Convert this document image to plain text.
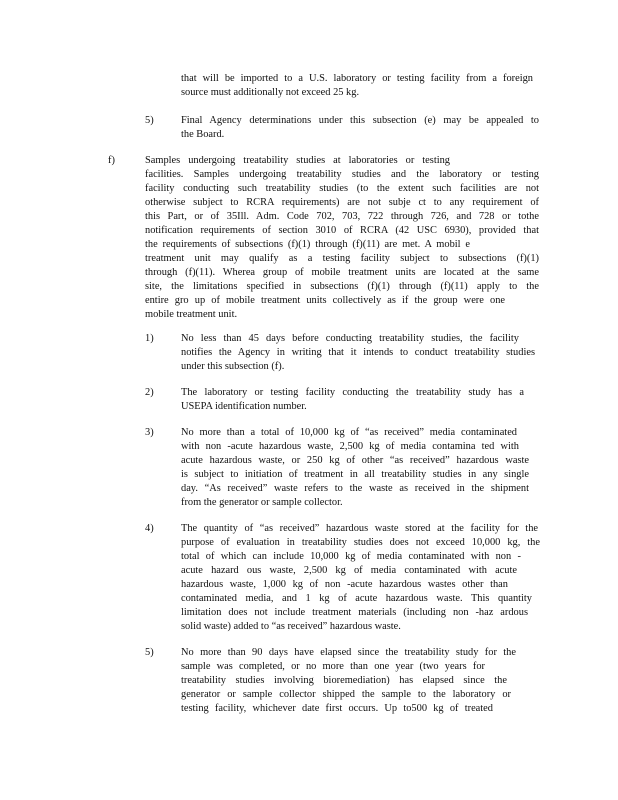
that will be imported to a U.S. laboratory or testing facility from a foreign
source must additionally not exceed 25 kg.
5)	Final Agency determinations under this subsection (e) may be appealed to
the Board.
f)	Samples undergoing treatability studies at laboratories or testing
facilities. Samples undergoing treatability studies and the laboratory or testing
facility conducting such treatability studies (to the extent such facilities are not
otherwise subject to RCRA requirements) are not subje ct to any requirement of
this Part, or of 35Ill. Adm. Code 702, 703, 722 through 726, and 728 or tothe
notification requirements of section 3010 of RCRA (42 USC 6930), provided that
the requirements of subsections (f)(1) through (f)(11) are met. A mobil e
treatment unit may qualify as a testing facility subject to subsections (f)(1)
through (f)(11). Wherea group of mobile treatment units are located at the same
site, the limitations specified in subsections (f)(1) through (f)(11) apply to the
entire gro up of mobile treatment units collectively as if the group were one
mobile treatment unit.
1)	No less than 45 days before conducting treatability studies, the facility
notifies the Agency in writing that it intends to conduct treatability studies
under this subsection (f).
2)	The laboratory or testing facility conducting the treatability study has a
USEPA identification number.
3)	No more than a total of 10,000 kg of “as received” media contaminated
with non -acute hazardous waste, 2,500 kg of media contamina ted with
acute hazardous waste, or 250 kg of other “as received” hazardous waste
is subject to initiation of treatment in all treatability studies in any single
day. “As received” waste refers to the waste as received in the shipment
from the generator or sample collector.
4)	The quantity of “as received” hazardous waste stored at the facility for the
purpose of evaluation in treatability studies does not exceed 10,000 kg, the
total of which can include 10,000 kg of media contaminated with non -
acute hazard ous waste, 2,500 kg of media contaminated with acute
hazardous waste, 1,000 kg of non -acute hazardous wastes other than
contaminated media, and 1 kg of acute hazardous waste. This quantity
limitation does not include treatment materials (including non -haz ardous
solid waste) added to “as received” hazardous waste.
5)	No more than 90 days have elapsed since the treatability study for the
sample was completed, or no more than one year (two years for
treatability studies involving bioremediation) has elapsed since the
generator or sample collector shipped the sample to the laboratory or
testing facility, whichever date first occurs. Up to500 kg of treated
